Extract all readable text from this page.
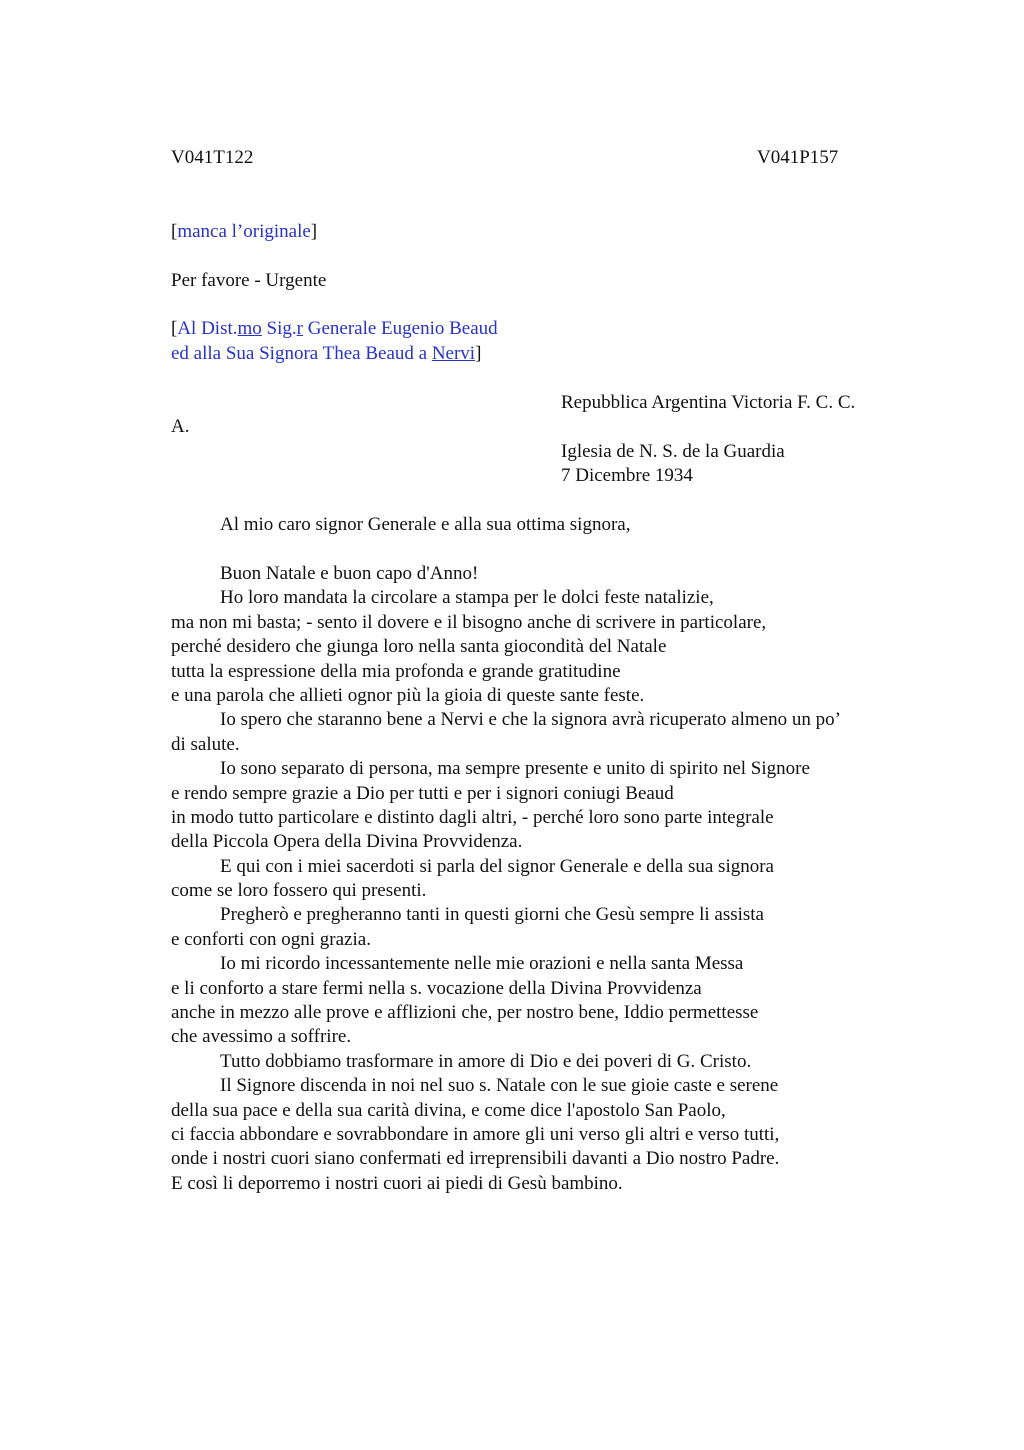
V041T122	V041P157
[manca l’originale]
Per favore - Urgente
[Al Dist.mo Sig.r Generale Eugenio Beaud
ed alla Sua Signora Thea Beaud a Nervi]
Repubblica Argentina Victoria F. C. C.
A.
Iglesia de N. S. de la Guardia
7 Dicembre 1934
Al mio caro signor Generale e alla sua ottima signora,
Buon Natale e buon capo d'Anno!
Ho loro mandata la circolare a stampa per le dolci feste natalizie,
ma non mi basta; - sento il dovere e il bisogno anche di scrivere in particolare,
perché desidero che giunga loro nella santa giocondità del Natale
tutta la espressione della mia profonda e grande gratitudine
e una parola che allieti ognor più la gioia di queste sante feste.
Io spero che staranno bene a Nervi e che la signora avrà ricuperato almeno un po’
di salute.
Io sono separato di persona, ma sempre presente e unito di spirito nel Signore
e rendo sempre grazie a Dio per tutti e per i signori coniugi Beaud
in modo tutto particolare e distinto dagli altri, - perché loro sono parte integrale
della Piccola Opera della Divina Provvidenza.
E qui con i miei sacerdoti si parla del signor Generale e della sua signora
come se loro fossero qui presenti.
Pregherò e pregheranno tanti in questi giorni che Gesù sempre li assista
e conforti con ogni grazia.
Io mi ricordo incessantemente nelle mie orazioni e nella santa Messa
e li conforto a stare fermi nella s. vocazione della Divina Provvidenza
anche in mezzo alle prove e afflizioni che, per nostro bene, Iddio permettesse
che avessimo a soffrire.
Tutto dobbiamo trasformare in amore di Dio e dei poveri di G. Cristo.
Il Signore discenda in noi nel suo s. Natale con le sue gioie caste e serene
della sua pace e della sua carità divina, e come dice l'apostolo San Paolo,
ci faccia abbondare e sovrabbondare in amore gli uni verso gli altri e verso tutti,
onde i nostri cuori siano confermati ed irreprensibili davanti a Dio nostro Padre.
E così li deporremo i nostri cuori ai piedi di Gesù bambino.
